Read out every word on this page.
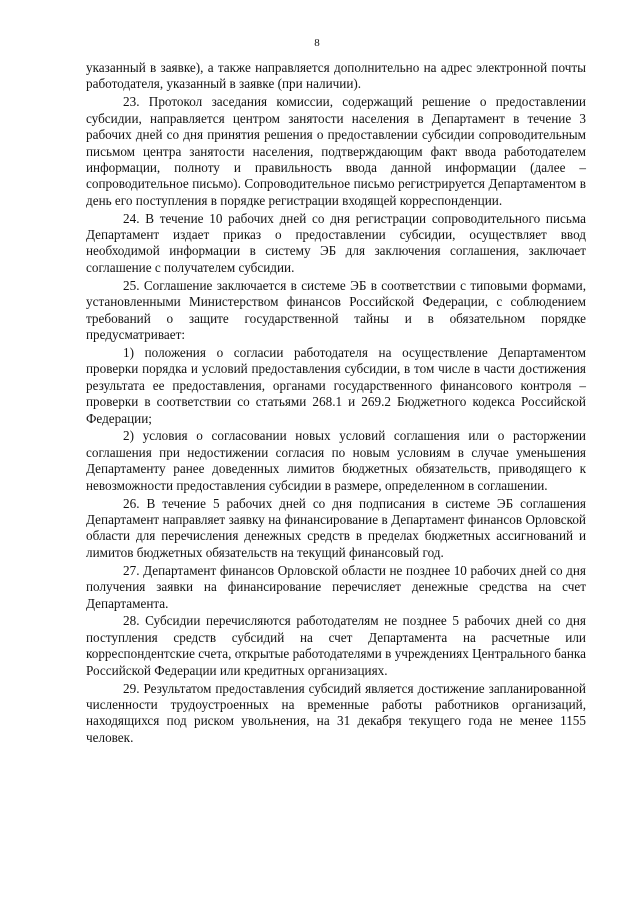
8

указанный в заявке), а также направляется дополнительно на адрес электронной почты работодателя, указанный в заявке (при наличии).

23. Протокол заседания комиссии, содержащий решение о предоставлении субсидии, направляется центром занятости населения в Департамент в течение 3 рабочих дней со дня принятия решения о предоставлении субсидии сопроводительным письмом центра занятости населения, подтверждающим факт ввода работодателем информации, полноту и правильность ввода данной информации (далее – сопроводительное письмо). Сопроводительное письмо регистрируется Департаментом в день его поступления в порядке регистрации входящей корреспонденции.

24. В течение 10 рабочих дней со дня регистрации сопроводительного письма Департамент издает приказ о предоставлении субсидии, осуществляет ввод необходимой информации в систему ЭБ для заключения соглашения, заключает соглашение с получателем субсидии.

25. Соглашение заключается в системе ЭБ в соответствии с типовыми формами, установленными Министерством финансов Российской Федерации, с соблюдением требований о защите государственной тайны и в обязательном порядке предусматривает:

1) положения о согласии работодателя на осуществление Департаментом проверки порядка и условий предоставления субсидии, в том числе в части достижения результата ее предоставления, органами государственного финансового контроля – проверки в соответствии со статьями 268.1 и 269.2 Бюджетного кодекса Российской Федерации;

2) условия о согласовании новых условий соглашения или о расторжении соглашения при недостижении согласия по новым условиям в случае уменьшения Департаменту ранее доведенных лимитов бюджетных обязательств, приводящего к невозможности предоставления субсидии в размере, определенном в соглашении.

26. В течение 5 рабочих дней со дня подписания в системе ЭБ соглашения Департамент направляет заявку на финансирование в Департамент финансов Орловской области для перечисления денежных средств в пределах бюджетных ассигнований и лимитов бюджетных обязательств на текущий финансовый год.

27. Департамент финансов Орловской области не позднее 10 рабочих дней со дня получения заявки на финансирование перечисляет денежные средства на счет Департамента.

28. Субсидии перечисляются работодателям не позднее 5 рабочих дней со дня поступления средств субсидий на счет Департамента на расчетные или корреспондентские счета, открытые работодателями в учреждениях Центрального банка Российской Федерации или кредитных организациях.

29. Результатом предоставления субсидий является достижение запланированной численности трудоустроенных на временные работы работников организаций, находящихся под риском увольнения, на 31 декабря текущего года не менее 1155 человек.
